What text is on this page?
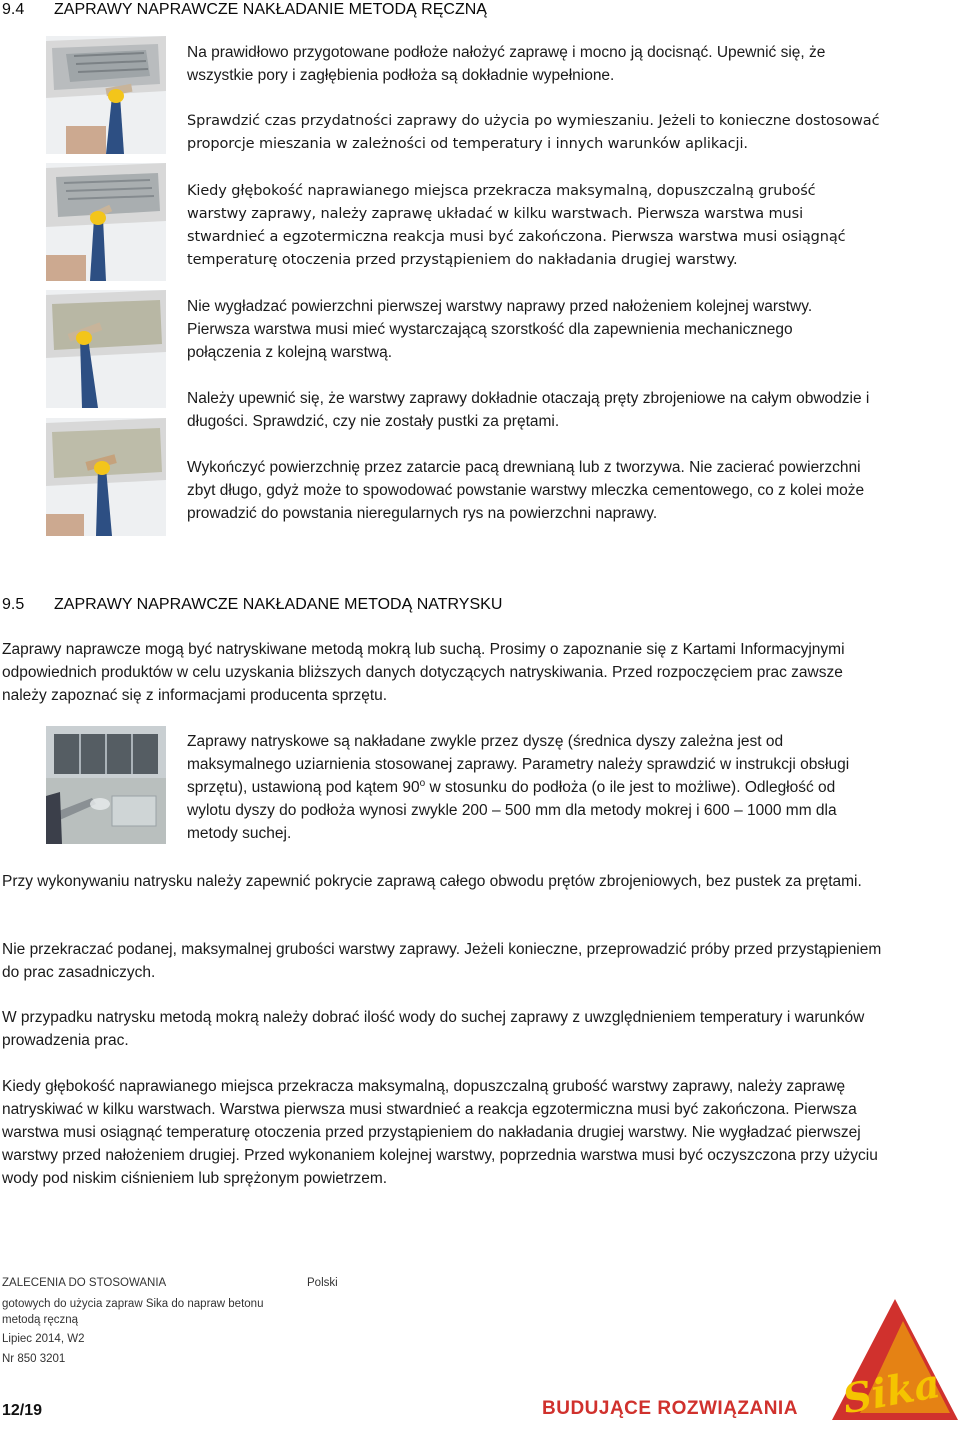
9.4 ZAPRAWY NAPRAWCZE NAKŁADANIE METODĄ RĘCZNĄ

Na prawidłowo przygotowane podłoże nałożyć zaprawę i mocno ją docisnąć. Upewnić się, że wszystkie pory i zagłębienia podłoża są dokładnie wypełnione.

Sprawdzić czas przydatności zaprawy do użycia po wymieszaniu. Jeżeli to konieczne dostosować proporcje mieszania w zależności od temperatury i innych warunków aplikacji.

Kiedy głębokość naprawianego miejsca przekracza maksymalną, dopuszczalną grubość warstwy zaprawy, należy zaprawę układać w kilku warstwach. Pierwsza warstwa musi stwardnieć a egzotermiczna reakcja musi być zakończona. Pierwsza warstwa musi osiągnąć temperaturę otoczenia przed przystąpieniem do nakładania drugiej warstwy.

Nie wygładzać powierzchni pierwszej warstwy naprawy przed nałożeniem kolejnej warstwy. Pierwsza warstwa musi mieć wystarczającą szorstkość dla zapewnienia mechanicznego połączenia z kolejną warstwą.

Należy upewnić się, że warstwy zaprawy dokładnie otaczają pręty zbrojeniowe na całym obwodzie i długości. Sprawdzić, czy nie zostały pustki za prętami.

Wykończyć powierzchnię przez zatarcie pacą drewnianą lub z tworzywa. Nie zacierać powierzchni zbyt długo, gdyż może to spowodować powstanie warstwy mleczka cementowego, co z kolei może prowadzić do powstania nieregularnych rys na powierzchni naprawy.

9.5 ZAPRAWY NAPRAWCZE NAKŁADANE METODĄ NATRYSKU

Zaprawy naprawcze mogą być natryskiwane metodą mokrą lub suchą. Prosimy o zapoznanie się z Kartami Informacyjnymi odpowiednich produktów w celu uzyskania bliższych danych dotyczących natryskiwania. Przed rozpoczęciem prac zawsze należy zapoznać się z informacjami producenta sprzętu.

Zaprawy natryskowe są nakładane zwykle przez dyszę (średnica dyszy zależna jest od maksymalnego uziarnienia stosowanej zaprawy. Parametry należy sprawdzić w instrukcji obsługi sprzętu), ustawioną pod kątem 90$^o$ w stosunku do podłoża (o ile jest to możliwe). Odległość od wylotu dyszy do podłoża wynosi zwykle 200 – 500 mm dla metody mokrej i 600 – 1000 mm dla metody suchej.

Przy wykonywaniu natrysku należy zapewnić pokrycie zaprawą całego obwodu prętów zbrojeniowych, bez pustek za prętami.

Nie przekraczać podanej, maksymalnej grubości warstwy zaprawy. Jeżeli konieczne, przeprowadzić próby przed przystąpieniem do prac zasadniczych.

W przypadku natrysku metodą mokrą należy dobrać ilość wody do suchej zaprawy z uwzględnieniem temperatury i warunków prowadzenia prac.

Kiedy głębokość naprawianego miejsca przekracza maksymalną, dopuszczalną grubość warstwy zaprawy, należy zaprawę natryskiwać w kilku warstwach. Warstwa pierwsza musi stwardnieć a reakcja egzotermiczna musi być zakończona. Pierwsza warstwa musi osiągnąć temperaturę otoczenia przed przystąpieniem do nakładania drugiej warstwy. Nie wygładzać pierwszej warstwy przed nałożeniem drugiej. Przed wykonaniem kolejnej warstwy, poprzednia warstwa musi być oczyszczona przy użyciu wody pod niskim ciśnieniem lub sprężonym powietrzem.

ZALECENIA DO STOSOWANIA	Polski
gotowych do użycia zapraw Sika do napraw betonu
metodą ręczną
Lipiec 2014, W2
Nr 850 3201
12/19	BUDUJĄCE ROZWIĄZANIA Sika
